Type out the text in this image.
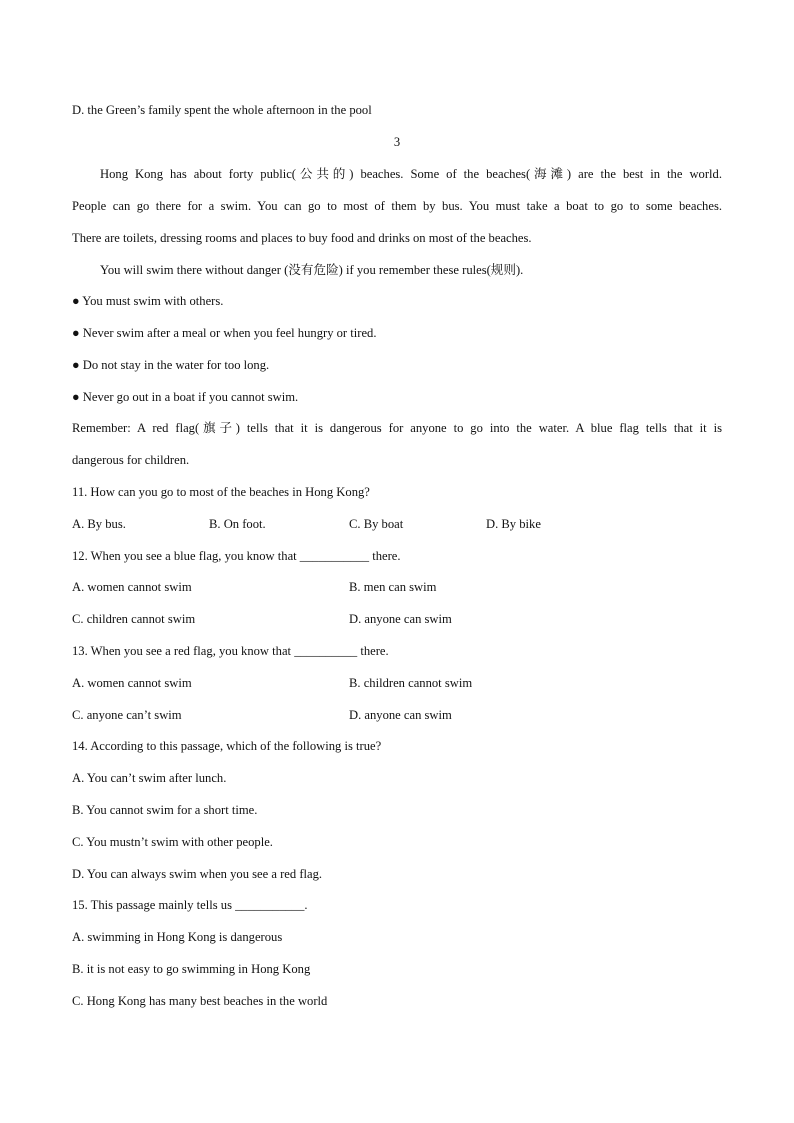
D. the Green’s family spent the whole afternoon in the pool
3
Hong Kong has about forty public(公共的) beaches. Some of the beaches(海滩) are the best in the world.
People can go there for a swim. You can go to most of them by bus. You must take a boat to go to some beaches.
There are toilets, dressing rooms and places to buy food and drinks on most of the beaches.
You will swim there without danger (没有危险) if you remember these rules(规则).
● You must swim with others.
● Never swim after a meal or when you feel hungry or tired.
● Do not stay in the water for too long.
● Never go out in a boat if you cannot swim.
Remember: A red flag(旗子) tells that it is dangerous for anyone to go into the water. A blue flag tells that it is
dangerous for children.
11. How can you go to most of the beaches in Hong Kong?
A. By bus.	B. On foot.	C. By boat	D. By bike
12. When you see a blue flag, you know that ___________ there.
A. women cannot swim	B. men can swim
C. children cannot swim	D. anyone can swim
13. When you see a red flag, you know that __________ there.
A. women cannot swim	B. children cannot swim
C. anyone can’t swim	D. anyone can swim
14. According to this passage, which of the following is true?
A. You can’t swim after lunch.
B. You cannot swim for a short time.
C. You mustn’t swim with other people.
D. You can always swim when you see a red flag.
15. This passage mainly tells us ___________.
A. swimming in Hong Kong is dangerous
B. it is not easy to go swimming in Hong Kong
C. Hong Kong has many best beaches in the world
